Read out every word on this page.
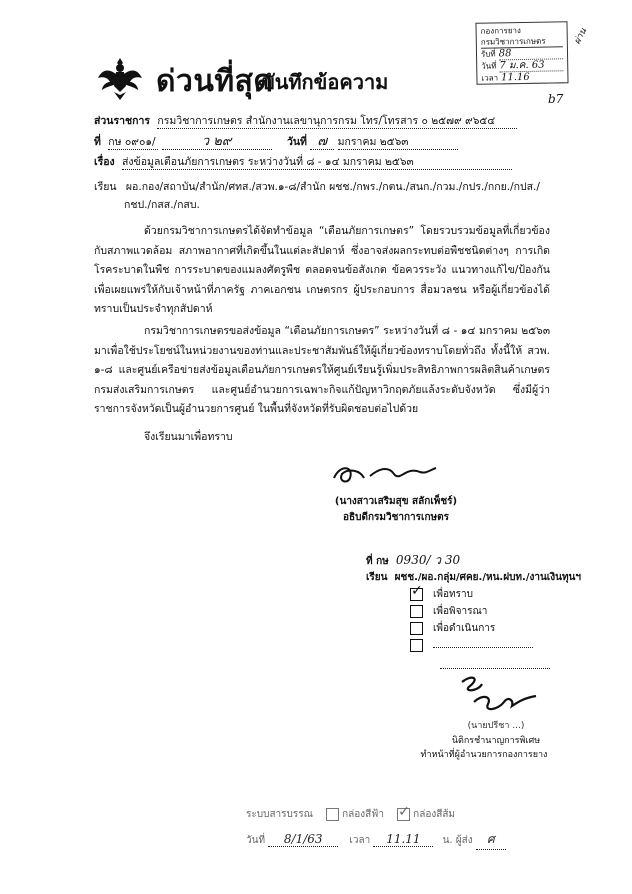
กองการยาง
กรมวิชาการเกษตร
รับที่ 88
วันที่ 7 ม.ค. 63
เวลา 11.16
ผ่าน
b7
ด่วนที่สุด
บันทึกข้อความ
ส่วนราชการ กรมวิชาการเกษตร สำนักงานเลขานุการกรม โทร/โทรสาร ๐ ๒๕๗๙ ๙๖๕๔
ที่ กษ ๐๙๐๑/	ว ๒๙	วันที่ ๗ มกราคม ๒๕๖๓
เรื่อง ส่งข้อมูลเตือนภัยการเกษตร ระหว่างวันที่ ๘ - ๑๔ มกราคม ๒๕๖๓
เรียน ผอ.กอง/สถาบัน/สำนัก/ศทส./สวพ.๑-๘/สำนัก ผชช./กพร./กตน./สนก./กวม./กปร./กกย./กปส./
กชป./กสส./กสบ.
ด้วยกรมวิชาการเกษตรได้จัดทำข้อมูล “เตือนภัยการเกษตร” โดยรวบรวมข้อมูลที่เกี่ยวข้องกับสภาพแวดล้อม สภาพอากาศที่เกิดขึ้นในแต่ละสัปดาห์ ซึ่งอาจส่งผลกระทบต่อพืชชนิดต่างๆ การเกิดโรคระบาดในพืช การระบาดของแมลงศัตรูพืช ตลอดจนข้อสังเกต ข้อควรระวัง แนวทางแก้ไข/ป้องกัน เพื่อเผยแพร่ให้กับเจ้าหน้าที่ภาครัฐ ภาคเอกชน เกษตรกร ผู้ประกอบการ สื่อมวลชน หรือผู้เกี่ยวข้องได้ทราบเป็นประจำทุกสัปดาห์
กรมวิชาการเกษตรขอส่งข้อมูล “เตือนภัยการเกษตร” ระหว่างวันที่ ๘ - ๑๔ มกราคม ๒๕๖๓ มาเพื่อใช้ประโยชน์ในหน่วยงานของท่านและประชาสัมพันธ์ให้ผู้เกี่ยวข้องทราบโดยทั่วถึง ทั้งนี้ให้ สวพ. ๑-๘ และศูนย์เครือข่ายส่งข้อมูลเตือนภัยการเกษตรให้ศูนย์เรียนรู้เพิ่มประสิทธิภาพการผลิตสินค้าเกษตร กรมส่งเสริมการเกษตร และศูนย์อำนวยการเฉพาะกิจแก้ปัญหาวิกฤตภัยแล้งระดับจังหวัด ซึ่งมีผู้ว่าราชการจังหวัดเป็นผู้อำนวยการศูนย์ ในพื้นที่จังหวัดที่รับผิดชอบต่อไปด้วย
จึงเรียนมาเพื่อทราบ
(นางสาวเสริมสุข สลักเพ็ชร์)
อธิบดีกรมวิชาการเกษตร
ที่ กษ 0930/ ว 30
เรียน ผชช./ผอ.กลุ่ม/ศคย./หน.ฝบท./งานเงินทุนฯ
✓เพื่อทราบ
เพื่อพิจารณา
เพื่อดำเนินการ
(นายปรีชา ...)
นิติกรชำนาญการพิเศษ
ทำหน้าที่ผู้อำนวยการกองการยาง
ระบบสารบรรณ	กล่องสีฟ้า ✓	กล่องสีส้ม
วันที่ 8/1/63	เวลา 11.11 น. ผู้ส่ง ศ
